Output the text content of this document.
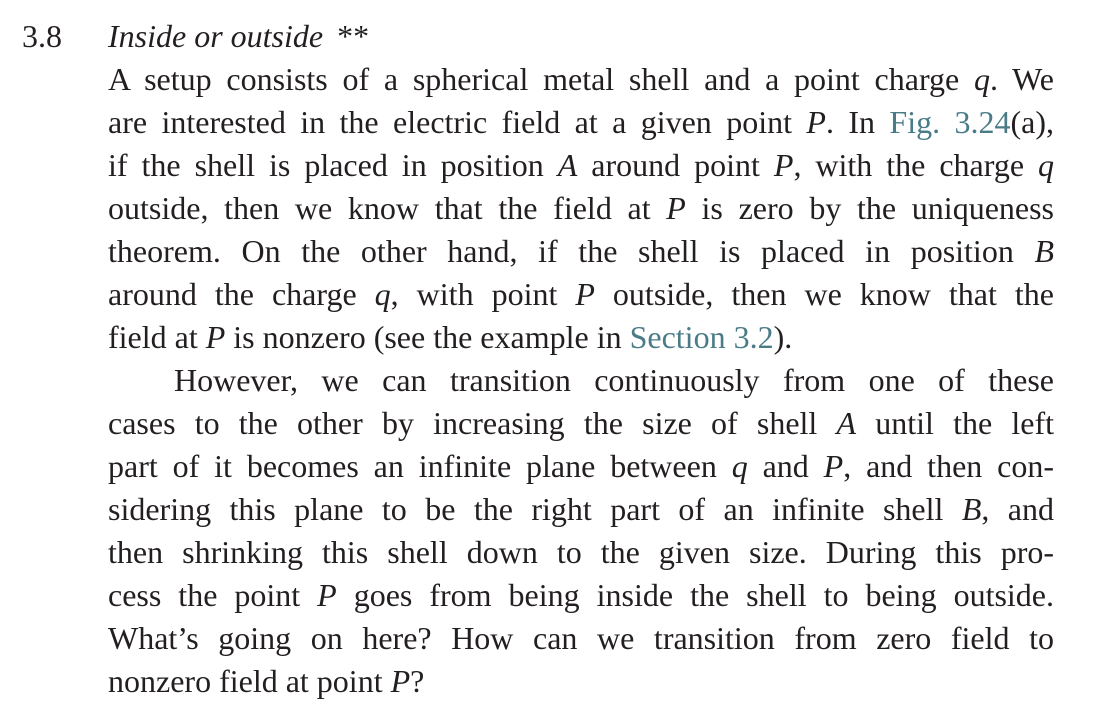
3.8 Inside or outside **
A setup consists of a spherical metal shell and a point charge q. We
are interested in the electric field at a given point P. In Fig. 3.24(a),
if the shell is placed in position A around point P, with the charge q
outside, then we know that the field at P is zero by the uniqueness
theorem. On the other hand, if the shell is placed in position B
around the charge q, with point P outside, then we know that the
field at P is nonzero (see the example in Section 3.2).
However, we can transition continuously from one of these
cases to the other by increasing the size of shell A until the left
part of it becomes an infinite plane between q and P, and then con-
sidering this plane to be the right part of an infinite shell B, and
then shrinking this shell down to the given size. During this pro-
cess the point P goes from being inside the shell to being outside.
What’s going on here? How can we transition from zero field to
nonzero field at point P?
